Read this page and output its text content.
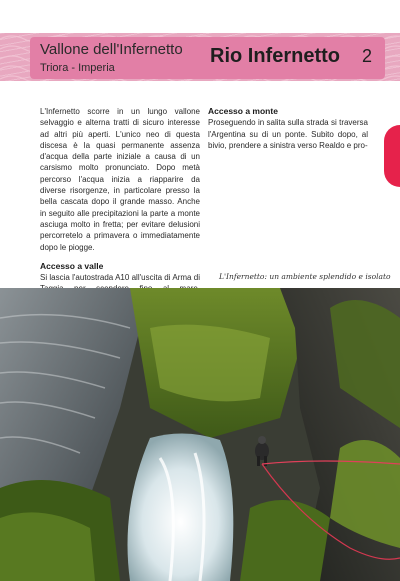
Vallone dell'Infernetto
Triora - Imperia
Rio Infernetto 2

L'Infernetto scorre in un lungo vallone selvaggio e alterna tratti di sicuro interesse ad altri più aperti. L'unico neo di questa discesa è la quasi permanente assenza d'acqua della parte iniziale a causa di un carsismo molto pronunciato. Dopo metà percorso l'acqua inizia a riapparire da diverse risorgenze, in particolare presso la bella cascata dopo il grande masso. Anche in seguito alle precipitazioni la parte a monte asciuga molto in fretta; per evitare delusioni percorretelo a primavera o immediatamente dopo le piogge.

Accesso a valle

Si lascia l'autostrada A10 all'uscita di Arma di

Accesso a monte

Proseguendo in salita sulla strada si traversa l'Argentina su di un ponte. Subito dopo, al bivio, prendere a sinistra verso Realdo e pro-

L'Infernetto: un ambiente splendido e isolato
